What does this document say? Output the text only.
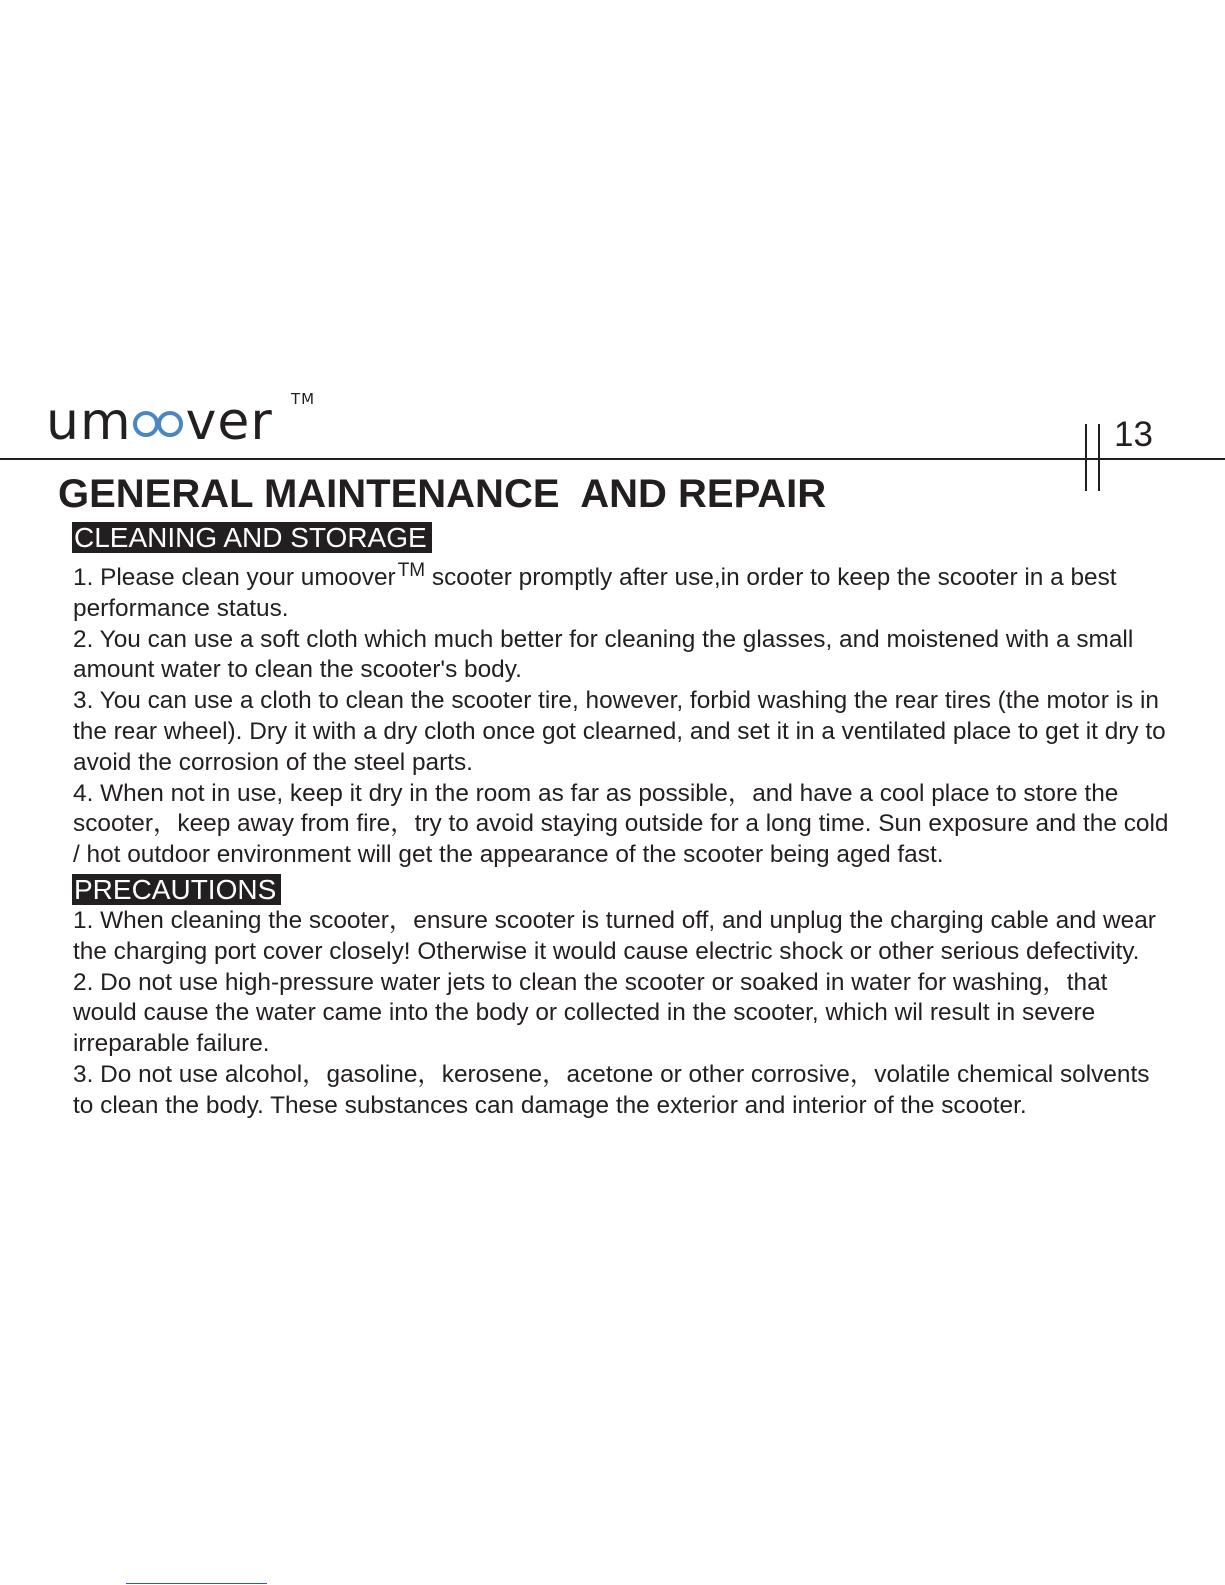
um ver TM
13
GENERAL MAINTENANCE  AND REPAIR
CLEANING AND STORAGE

1. Please clean your umoover ™ scooter promptly after use,in order to keep the scooter in a best performance status.

2. You can use a soft cloth which much better for cleaning the glasses, and moistened with a small amount water to clean the scooter's body.

3. You can use a cloth to clean the scooter tire, however, forbid washing the rear tires (the motor is in the rear wheel). Dry it with a dry cloth once got clearned, and set it in a ventilated place to get it dry to avoid the corrosion of the steel parts.

4. When not in use, keep it dry in the room as far as possible，and have a cool place to store the scooter，keep away from fire，try to avoid staying outside for a long time. Sun exposure and the cold / hot outdoor environment will get the appearance of the scooter being aged fast.

PRECAUTIONS

1. When cleaning the scooter，ensure scooter is turned off, and unplug the charging cable and wear the charging port cover closely! Otherwise it would cause electric shock or other serious defectivity.

2. Do not use high-pressure water jets to clean the scooter or soaked in water for washing，that would cause the water came into the body or collected in the scooter, which wil result in severe irreparable failure.

3. Do not use alcohol，gasoline，kerosene，acetone or other corrosive，volatile chemical solvents to clean the body. These substances can damage the exterior and interior of the scooter.
